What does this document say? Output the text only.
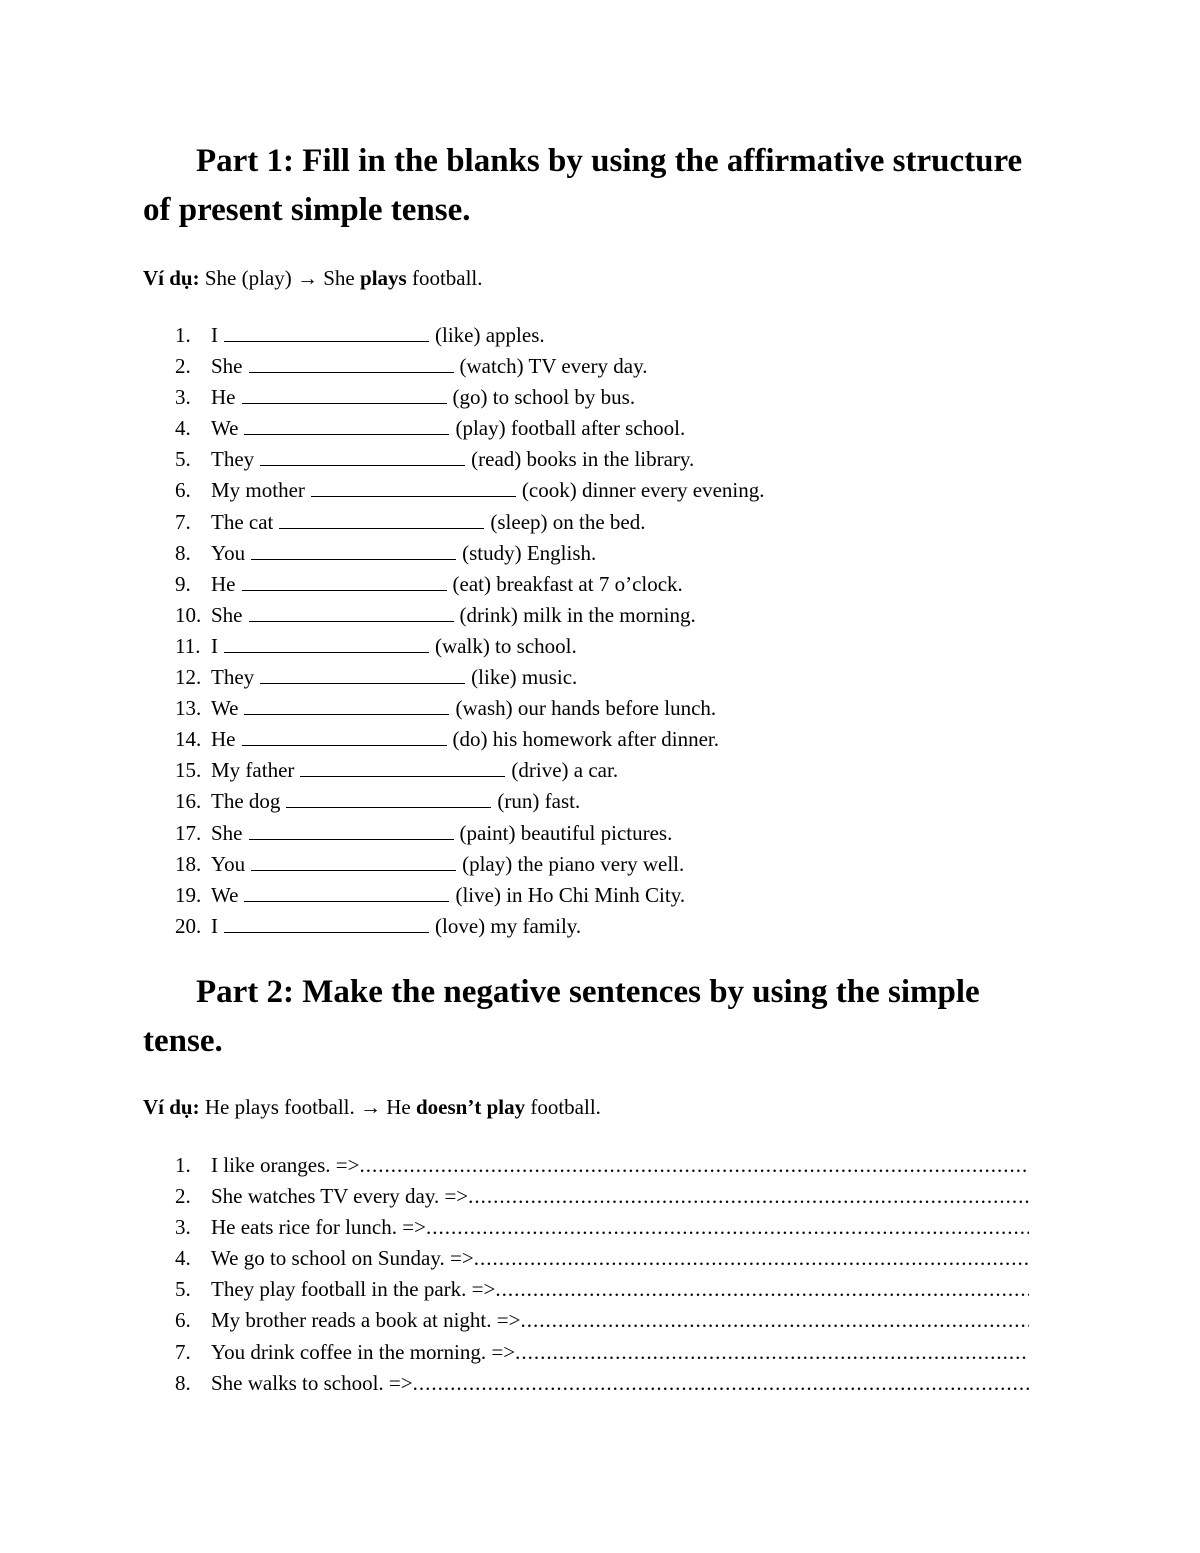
Part 1: Fill in the blanks by using the affirmative structure of present simple tense.
Ví dụ: She (play) → She plays football.
1. I	(like) apples.
2. She	(watch) TV every day.
3. He	(go) to school by bus.
4. We	(play) football after school.
5. They	(read) books in the library.
6. My mother	(cook) dinner every evening.
7. The cat	(sleep) on the bed.
8. You	(study) English.
9. He	(eat) breakfast at 7 o’clock.
10. She	(drink) milk in the morning.
11. I	(walk) to school.
12. They	(like) music.
13. We	(wash) our hands before lunch.
14. He	(do) his homework after dinner.
15. My father	(drive) a car.
16. The dog	(run) fast.
17. She	(paint) beautiful pictures.
18. You	(play) the piano very well.
19. We	(live) in Ho Chi Minh City.
20. I	(love) my family.
Part 2: Make the negative sentences by using the simple tense.
Ví dụ: He plays football. → He doesn’t play football.
1. I like oranges. =>
.....
2. She watches TV every day. =>
.....
3. He eats rice for lunch. =>
.....
4. We go to school on Sunday. =>
.....
5. They play football in the park. =>
.....
6. My brother reads a book at night. =>
.....
7. You drink coffee in the morning. =>
.....
8. She walks to school. =>
.....
